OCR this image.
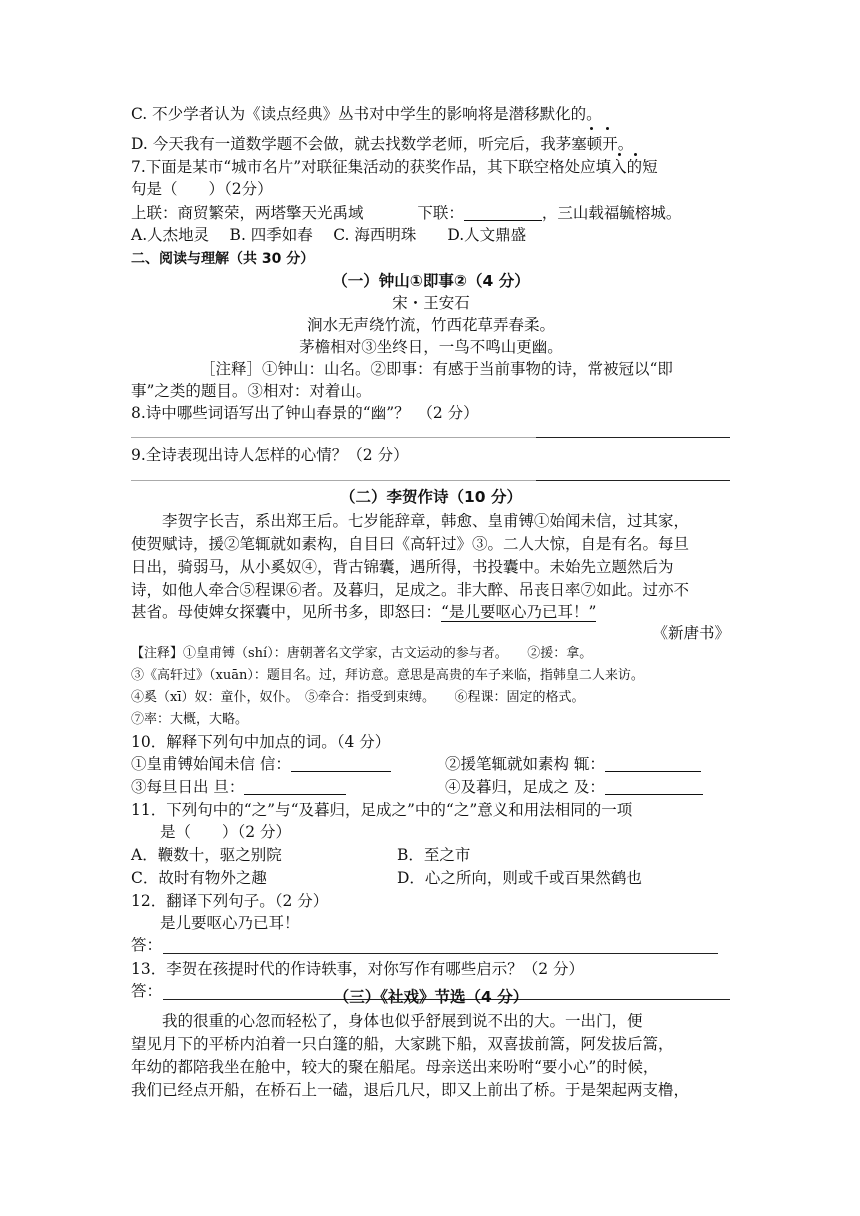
C. 不少学者认为《读点经典》丛书对中学生的影响将是潜移默化的。
D. 今天我有一道数学题不会做，就去找数学老师，听完后，我茅塞顿开。
7.下面是某市“城市名片”对联征集活动的获奖作品，其下联空格处应填入的短
句是（　　）（2分）
上联：商贸繁荣，两塔擎天光禹域	下联：	，三山载福毓榕城。
A.人杰地灵　 B. 四季如春　 C. 海西明珠　　D.人文鼎盛
二、阅读与理解（共 30 分）
（一）钟山①即事②（4 分）
宋・王安石
涧水无声绕竹流，竹西花草弄春柔。
茅檐相对③坐终日，一鸟不鸣山更幽。
［注释］①钟山：山名。②即事：有感于当前事物的诗，常被冠以“即
事”之类的题目。③相对：对着山。
8.诗中哪些词语写出了钟山春景的“幽”？　（2 分）
9.全诗表现出诗人怎样的心情？（2 分）
（二）李贺作诗（10 分）
李贺字长吉，系出郑王后。七岁能辞章，韩愈、皇甫镈①始闻未信，过其家，
使贺赋诗，援②笔辄就如素构，自目曰《高轩过》③。二人大惊，自是有名。每旦
日出，骑弱马，从小奚奴④，背古锦囊，遇所得，书投囊中。未始先立题然后为
诗，如他人牵合⑤程课⑥者。及暮归，足成之。非大醉、吊丧日率⑦如此。过亦不
甚省。母使婢女探囊中，见所书多，即怒曰：“是儿要呕心乃已耳！”
《新唐书》
【注释】①皇甫镈（shí）：唐朝著名文学家，古文运动的参与者。　　②援：拿。
③《高轩过》（xuān）：题目名。过，拜访意。意思是高贵的车子来临，指韩皇二人来访。
④奚（xī）奴：童仆，奴仆。　⑤牵合：指受到束缚。　　⑥程课：固定的格式。
⑦率：大概，大略。
10．解释下列句中加点的词。（4 分）
①皇甫镈始闻未信 信：	②援笔辄就如素构 辄：
③每旦日出 旦：	④及暮归，足成之 及：
11．下列句中的“之”与“及暮归，足成之”中的“之”意义和用法相同的一项
是（　　）（2 分）
A．鞭数十，驱之别院	B．至之市
C．故时有物外之趣	D．心之所向，则或千或百果然鹤也
12．翻译下列句子。（2 分）
是儿要呕心乃已耳！
答：
13．李贺在孩提时代的作诗轶事，对你写作有哪些启示？（2 分）
答：	（三）《社戏》节选（4 分）
我的很重的心忽而轻松了，身体也似乎舒展到说不出的大。一出门，便
望见月下的平桥内泊着一只白篷的船，大家跳下船，双喜拔前篙，阿发拔后篙，
年幼的都陪我坐在舱中，较大的聚在船尾。母亲送出来吩咐“要小心”的时候，
我们已经点开船，在桥石上一磕，退后几尺，即又上前出了桥。于是架起两支橹，
